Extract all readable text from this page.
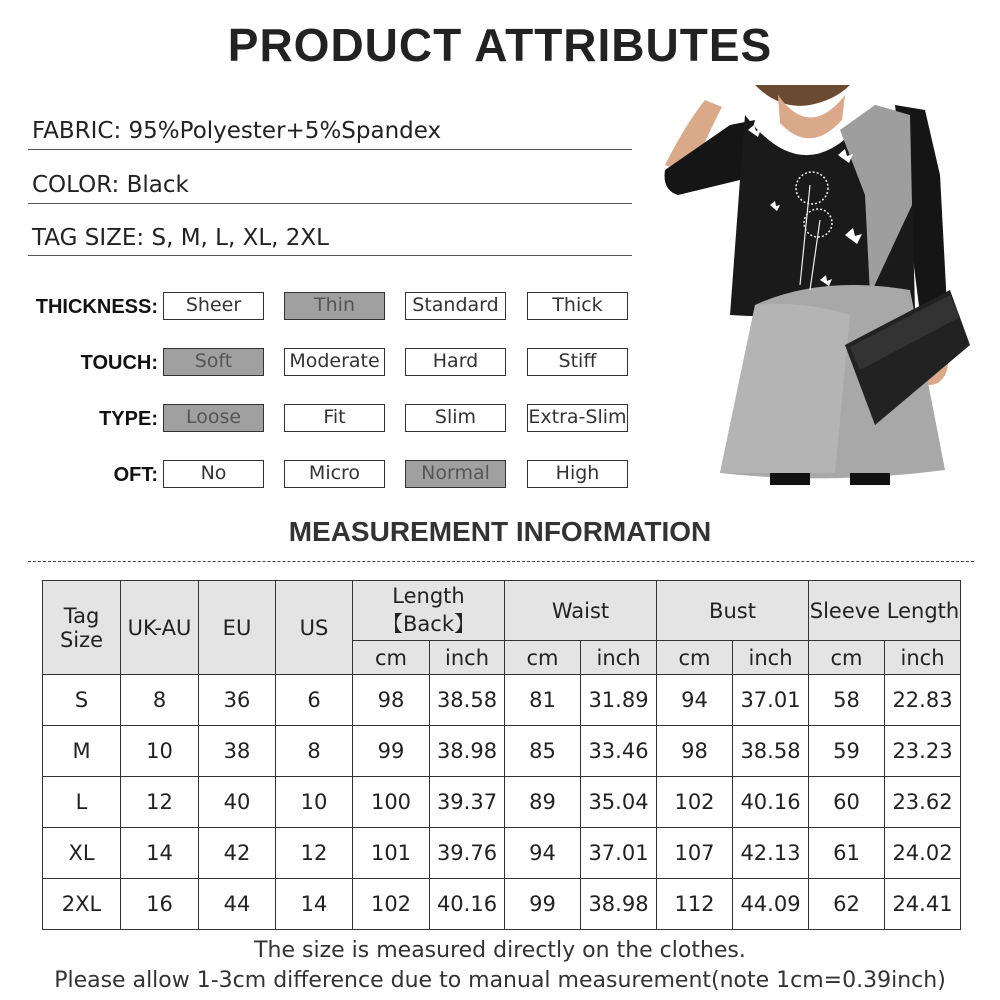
PRODUCT ATTRIBUTES
FABRIC: 95%Polyester+5%Spandex
COLOR: Black
TAG SIZE: S, M, L, XL, 2XL
THICKNESS:	Sheer	Thin	Standard	Thick
TOUCH:	Soft	Moderate	Hard	Stiff
TYPE:	Loose	Fit	Slim	Extra-Slim
OFT:	No	Micro	Normal	High
MEASUREMENT INFORMATION
Tag Size	UK-AU	EU	US	Length 【Back】		Waist		Bust		Sleeve Length	
				cm	inch	cm	inch	cm	inch	cm	inch
S	8	36	6	98	38.58	81	31.89	94	37.01	58	22.83
M	10	38	8	99	38.98	85	33.46	98	38.58	59	23.23
L	12	40	10	100	39.37	89	35.04	102	40.16	60	23.62
XL	14	42	12	101	39.76	94	37.01	107	42.13	61	24.02
2XL	16	44	14	102	40.16	99	38.98	112	44.09	62	24.41
The size is measured directly on the clothes.
Please allow 1-3cm difference due to manual measurement(note 1cm=0.39inch)
